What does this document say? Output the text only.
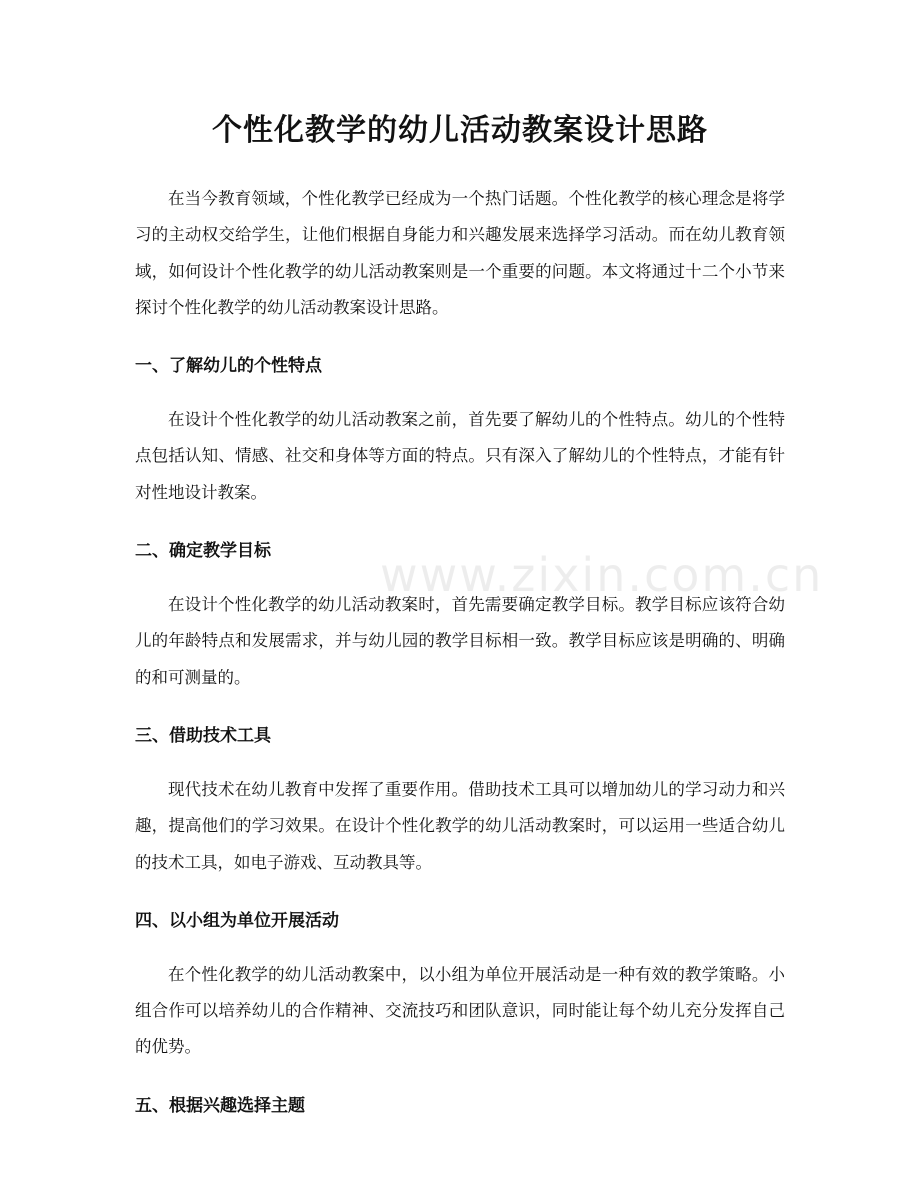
个性化教学的幼儿活动教案设计思路

在当今教育领域，个性化教学已经成为一个热门话题。个性化教学的核心理念是将学习的主动权交给学生，让他们根据自身能力和兴趣发展来选择学习活动。而在幼儿教育领域，如何设计个性化教学的幼儿活动教案则是一个重要的问题。本文将通过十二个小节来探讨个性化教学的幼儿活动教案设计思路。

一、了解幼儿的个性特点

在设计个性化教学的幼儿活动教案之前，首先要了解幼儿的个性特点。幼儿的个性特点包括认知、情感、社交和身体等方面的特点。只有深入了解幼儿的个性特点，才能有针对性地设计教案。

二、确定教学目标

在设计个性化教学的幼儿活动教案时，首先需要确定教学目标。教学目标应该符合幼儿的年龄特点和发展需求，并与幼儿园的教学目标相一致。教学目标应该是明确的、明确的和可测量的。

三、借助技术工具

现代技术在幼儿教育中发挥了重要作用。借助技术工具可以增加幼儿的学习动力和兴趣，提高他们的学习效果。在设计个性化教学的幼儿活动教案时，可以运用一些适合幼儿的技术工具，如电子游戏、互动教具等。

四、以小组为单位开展活动

在个性化教学的幼儿活动教案中，以小组为单位开展活动是一种有效的教学策略。小组合作可以培养幼儿的合作精神、交流技巧和团队意识，同时能让每个幼儿充分发挥自己的优势。

五、根据兴趣选择主题
www.zixin.com.cn
